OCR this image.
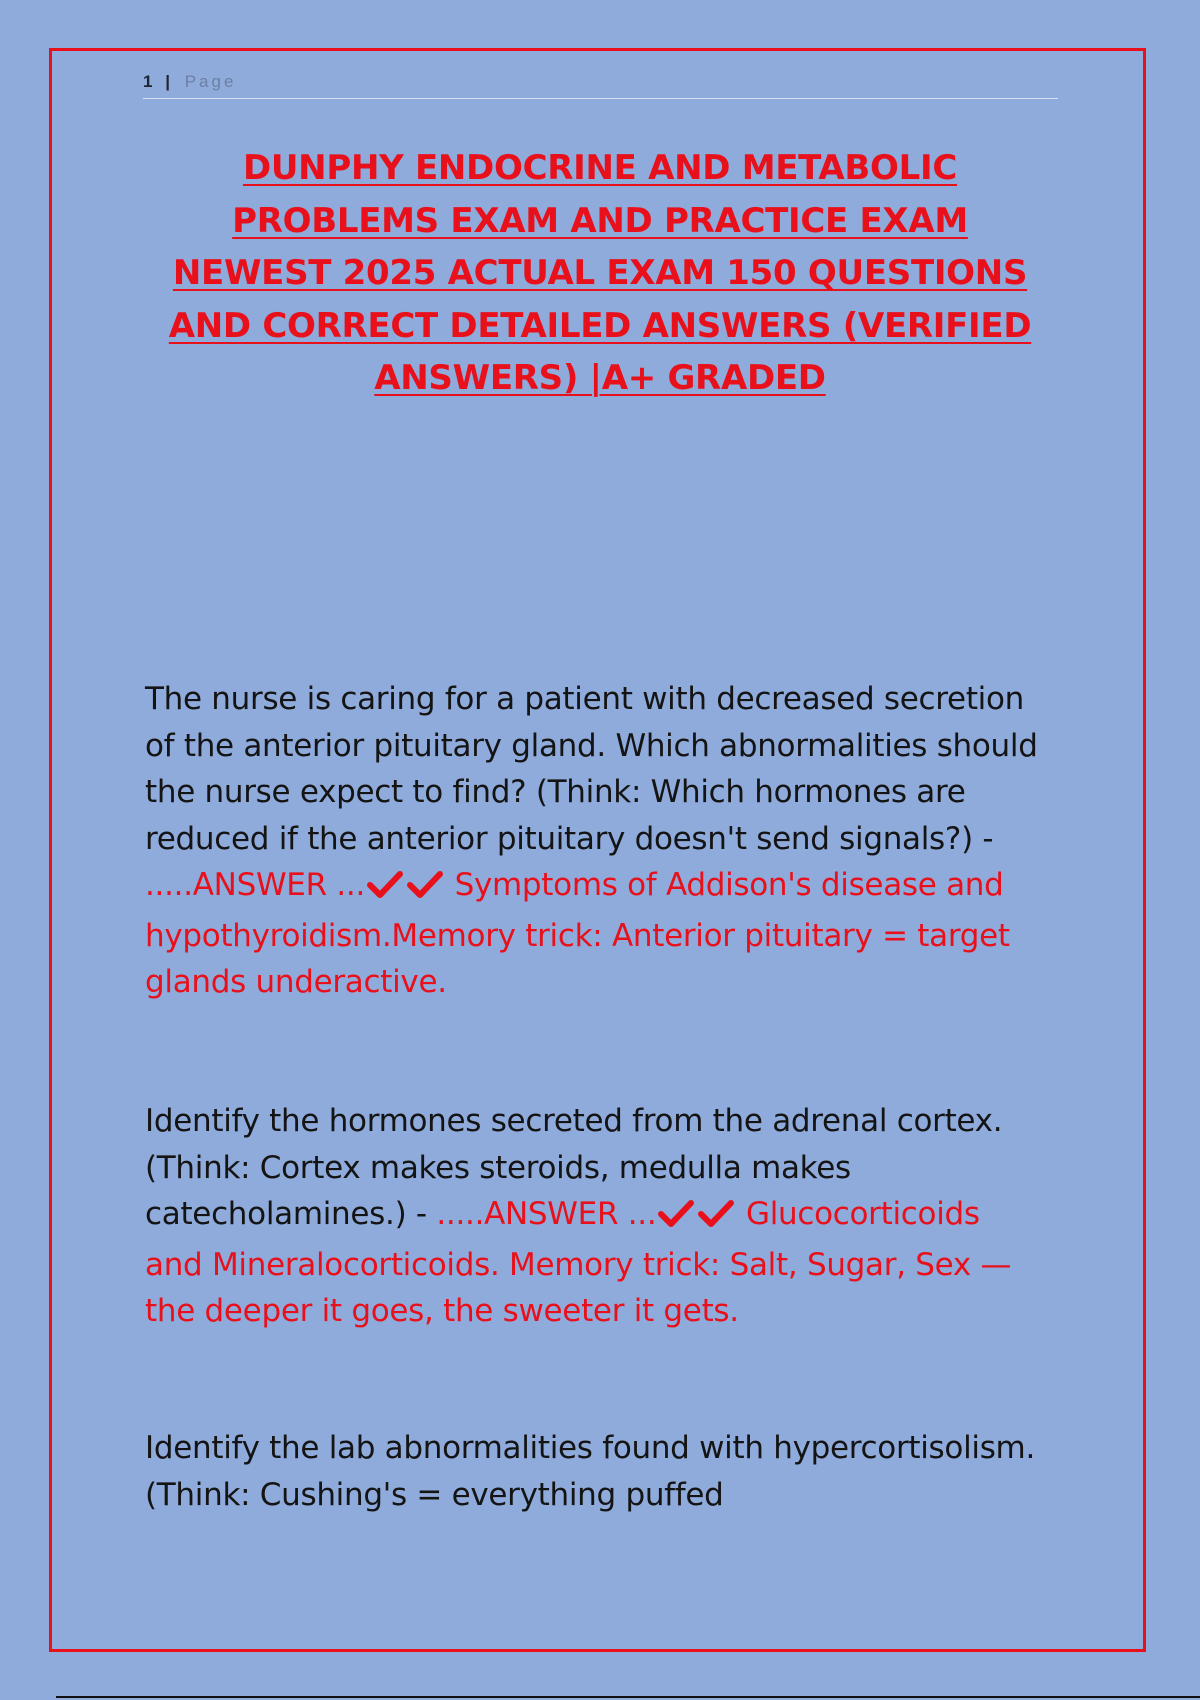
1 | Page
DUNPHY ENDOCRINE AND METABOLIC PROBLEMS EXAM AND PRACTICE EXAM NEWEST 2025 ACTUAL EXAM 150 QUESTIONS AND CORRECT DETAILED ANSWERS (VERIFIED ANSWERS) |A+ GRADED

The nurse is caring for a patient with decreased secretion of the anterior pituitary gland. Which abnormalities should the nurse expect to find? (Think: Which hormones are reduced if the anterior pituitary doesn't send signals?) - .....ANSWER ...	Symptoms of Addison's disease and hypothyroidism.Memory trick: Anterior pituitary = target glands underactive.

Identify the hormones secreted from the adrenal cortex. (Think: Cortex makes steroids, medulla makes catecholamines.) - .....ANSWER ...	Glucocorticoids and Mineralocorticoids. Memory trick: Salt, Sugar, Sex — the deeper it goes, the sweeter it gets.

Identify the lab abnormalities found with hypercortisolism. (Think: Cushing's = everything puffed
